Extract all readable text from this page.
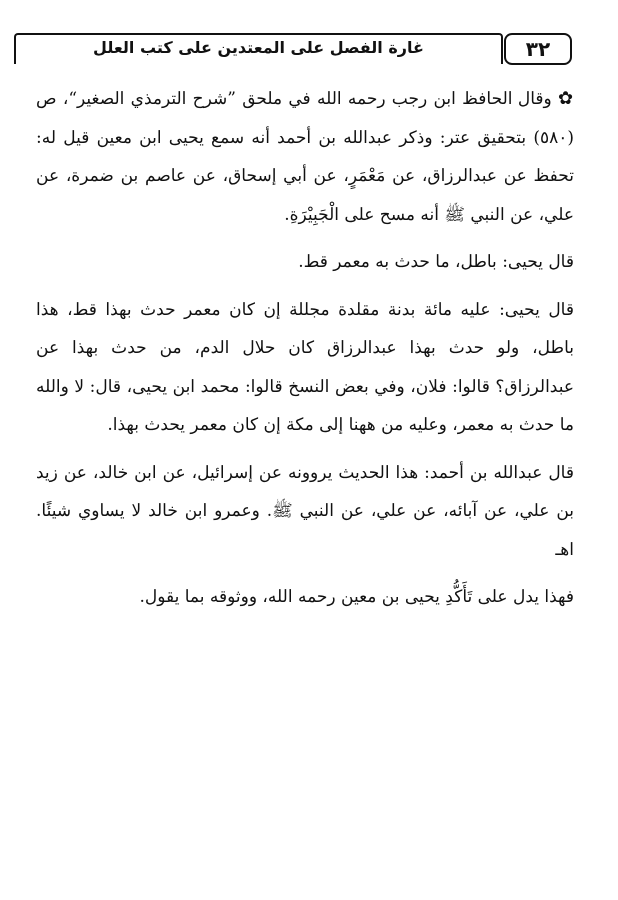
غارة الفصل على المعتدين على كتب العلل	٣٢

✿ وقال الحافظ ابن رجب رحمه الله في ملحق ”شرح الترمذي الصغير“، ص (٥٨٠) بتحقيق عتر: وذكر عبدالله بن أحمد أنه سمع يحيى ابن معين قيل له: تحفظ عن عبدالرزاق، عن مَعْمَرٍ، عن أبي إسحاق، عن عاصم بن ضمرة، عن علي، عن النبي ﷺ أنه مسح على الْجَبِيْرَةِ.

قال يحيى: باطل، ما حدث به معمر قط.

قال يحيى: عليه مائة بدنة مقلدة مجللة إن كان معمر حدث بهذا قط، هذا باطل، ولو حدث بهذا عبدالرزاق كان حلال الدم، من حدث بهذا عن عبدالرزاق؟ قالوا: فلان، وفي بعض النسخ قالوا: محمد ابن يحيى، قال: لا والله ما حدث به معمر، وعليه من ههنا إلى مكة إن كان معمر يحدث بهذا.

قال عبدالله بن أحمد: هذا الحديث يروونه عن إسرائيل، عن ابن خالد، عن زيد بن علي، عن آبائه، عن علي، عن النبي ﷺ. وعمرو ابن خالد لا يساوي شيئًا. اهـ

فهذا يدل على تَأَكُّدِ يحيى بن معين رحمه الله، ووثوقه بما يقول.
